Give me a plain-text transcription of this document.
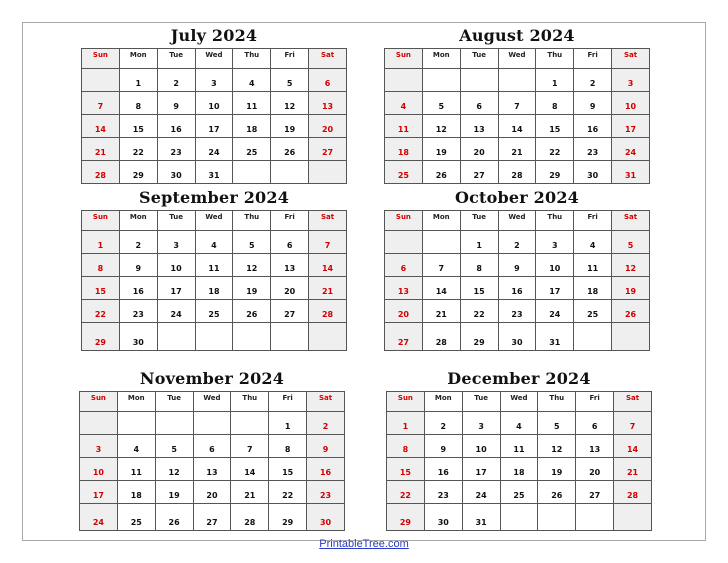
July 2024
Sun	Mon	Tue	Wed	Thu	Fri	Sat
	1	2	3	4	5	6
7	8	9	10	11	12	13
14	15	16	17	18	19	20
21	22	23	24	25	26	27
28	29	30	31			
August 2024
Sun	Mon	Tue	Wed	Thu	Fri	Sat
				1	2	3
4	5	6	7	8	9	10
11	12	13	14	15	16	17
18	19	20	21	22	23	24
25	26	27	28	29	30	31
September 2024
Sun	Mon	Tue	Wed	Thu	Fri	Sat
1	2	3	4	5	6	7
8	9	10	11	12	13	14
15	16	17	18	19	20	21
22	23	24	25	26	27	28
29	30					
October 2024
Sun	Mon	Tue	Wed	Thu	Fri	Sat
		1	2	3	4	5
6	7	8	9	10	11	12
13	14	15	16	17	18	19
20	21	22	23	24	25	26
27	28	29	30	31		
November 2024
Sun	Mon	Tue	Wed	Thu	Fri	Sat
					1	2
3	4	5	6	7	8	9
10	11	12	13	14	15	16
17	18	19	20	21	22	23
24	25	26	27	28	29	30
December 2024
Sun	Mon	Tue	Wed	Thu	Fri	Sat
1	2	3	4	5	6	7
8	9	10	11	12	13	14
15	16	17	18	19	20	21
22	23	24	25	26	27	28
29	30	31				
PrintableTree.com
